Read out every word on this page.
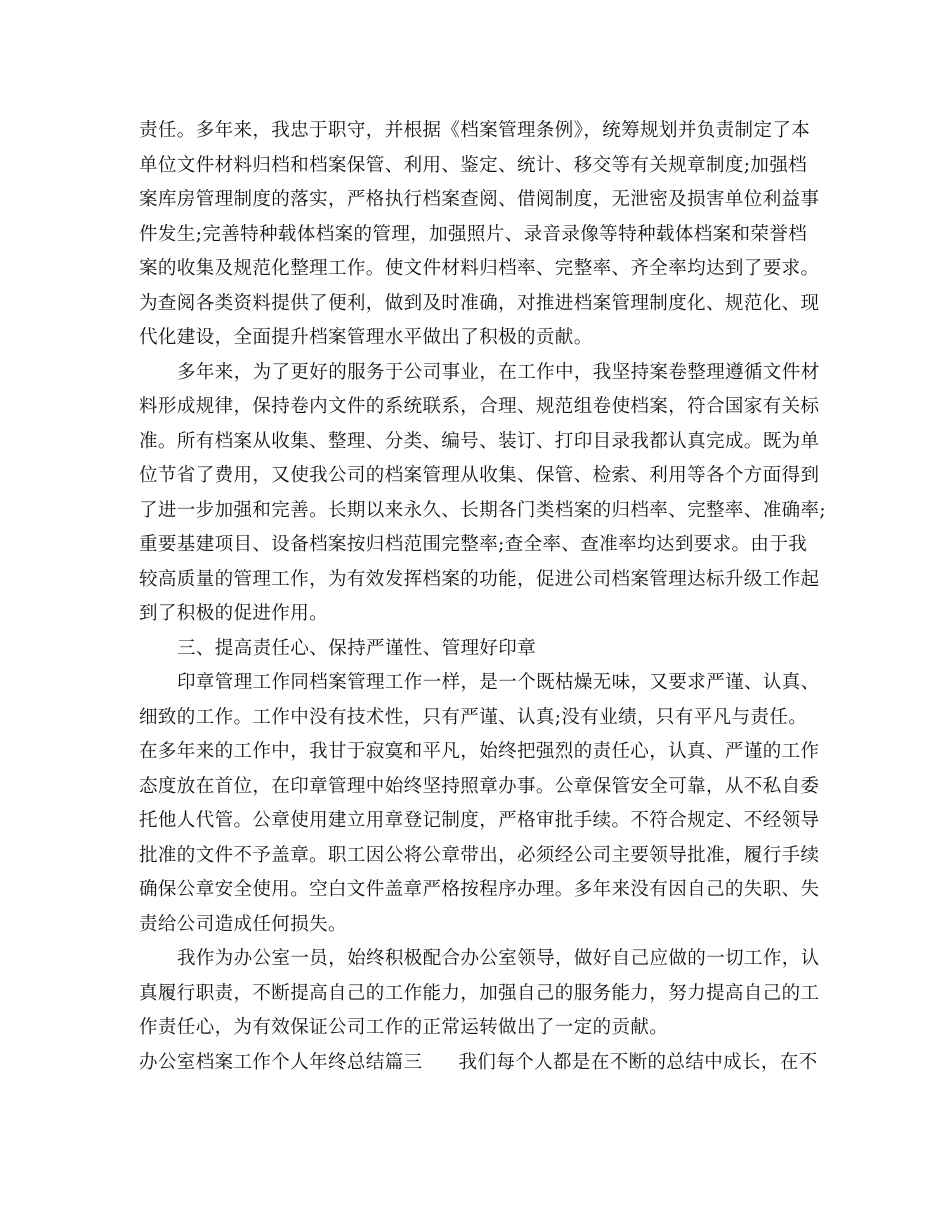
责任。多年来，我忠于职守，并根据《档案管理条例》，统筹规划并负责制定了本
单位文件材料归档和档案保管、利用、鉴定、统计、移交等有关规章制度;加强档
案库房管理制度的落实，严格执行档案查阅、借阅制度，无泄密及损害单位利益事
件发生;完善特种载体档案的管理，加强照片、录音录像等特种载体档案和荣誉档
案的收集及规范化整理工作。使文件材料归档率、完整率、齐全率均达到了要求。
为查阅各类资料提供了便利，做到及时准确，对推进档案管理制度化、规范化、现
代化建设，全面提升档案管理水平做出了积极的贡献。
多年来，为了更好的服务于公司事业，在工作中，我坚持案卷整理遵循文件材
料形成规律，保持卷内文件的系统联系，合理、规范组卷使档案，符合国家有关标
准。所有档案从收集、整理、分类、编号、装订、打印目录我都认真完成。既为单
位节省了费用，又使我公司的档案管理从收集、保管、检索、利用等各个方面得到
了进一步加强和完善。长期以来永久、长期各门类档案的归档率、完整率、准确率;
重要基建项目、设备档案按归档范围完整率;查全率、查准率均达到要求。由于我
较高质量的管理工作，为有效发挥档案的功能，促进公司档案管理达标升级工作起
到了积极的促进作用。
三、提高责任心、保持严谨性、管理好印章
印章管理工作同档案管理工作一样，是一个既枯燥无味，又要求严谨、认真、
细致的工作。工作中没有技术性，只有严谨、认真;没有业绩，只有平凡与责任。
在多年来的工作中，我甘于寂寞和平凡，始终把强烈的责任心，认真、严谨的工作
态度放在首位，在印章管理中始终坚持照章办事。公章保管安全可靠，从不私自委
托他人代管。公章使用建立用章登记制度，严格审批手续。不符合规定、不经领导
批准的文件不予盖章。职工因公将公章带出，必须经公司主要领导批准，履行手续
确保公章安全使用。空白文件盖章严格按程序办理。多年来没有因自己的失职、失
责给公司造成任何损失。
我作为办公室一员，始终积极配合办公室领导，做好自己应做的一切工作，认
真履行职责，不断提高自己的工作能力，加强自己的服务能力，努力提高自己的工
作责任心，为有效保证公司工作的正常运转做出了一定的贡献。
办公室档案工作个人年终总结篇三 我们每个人都是在不断的总结中成长，在不
